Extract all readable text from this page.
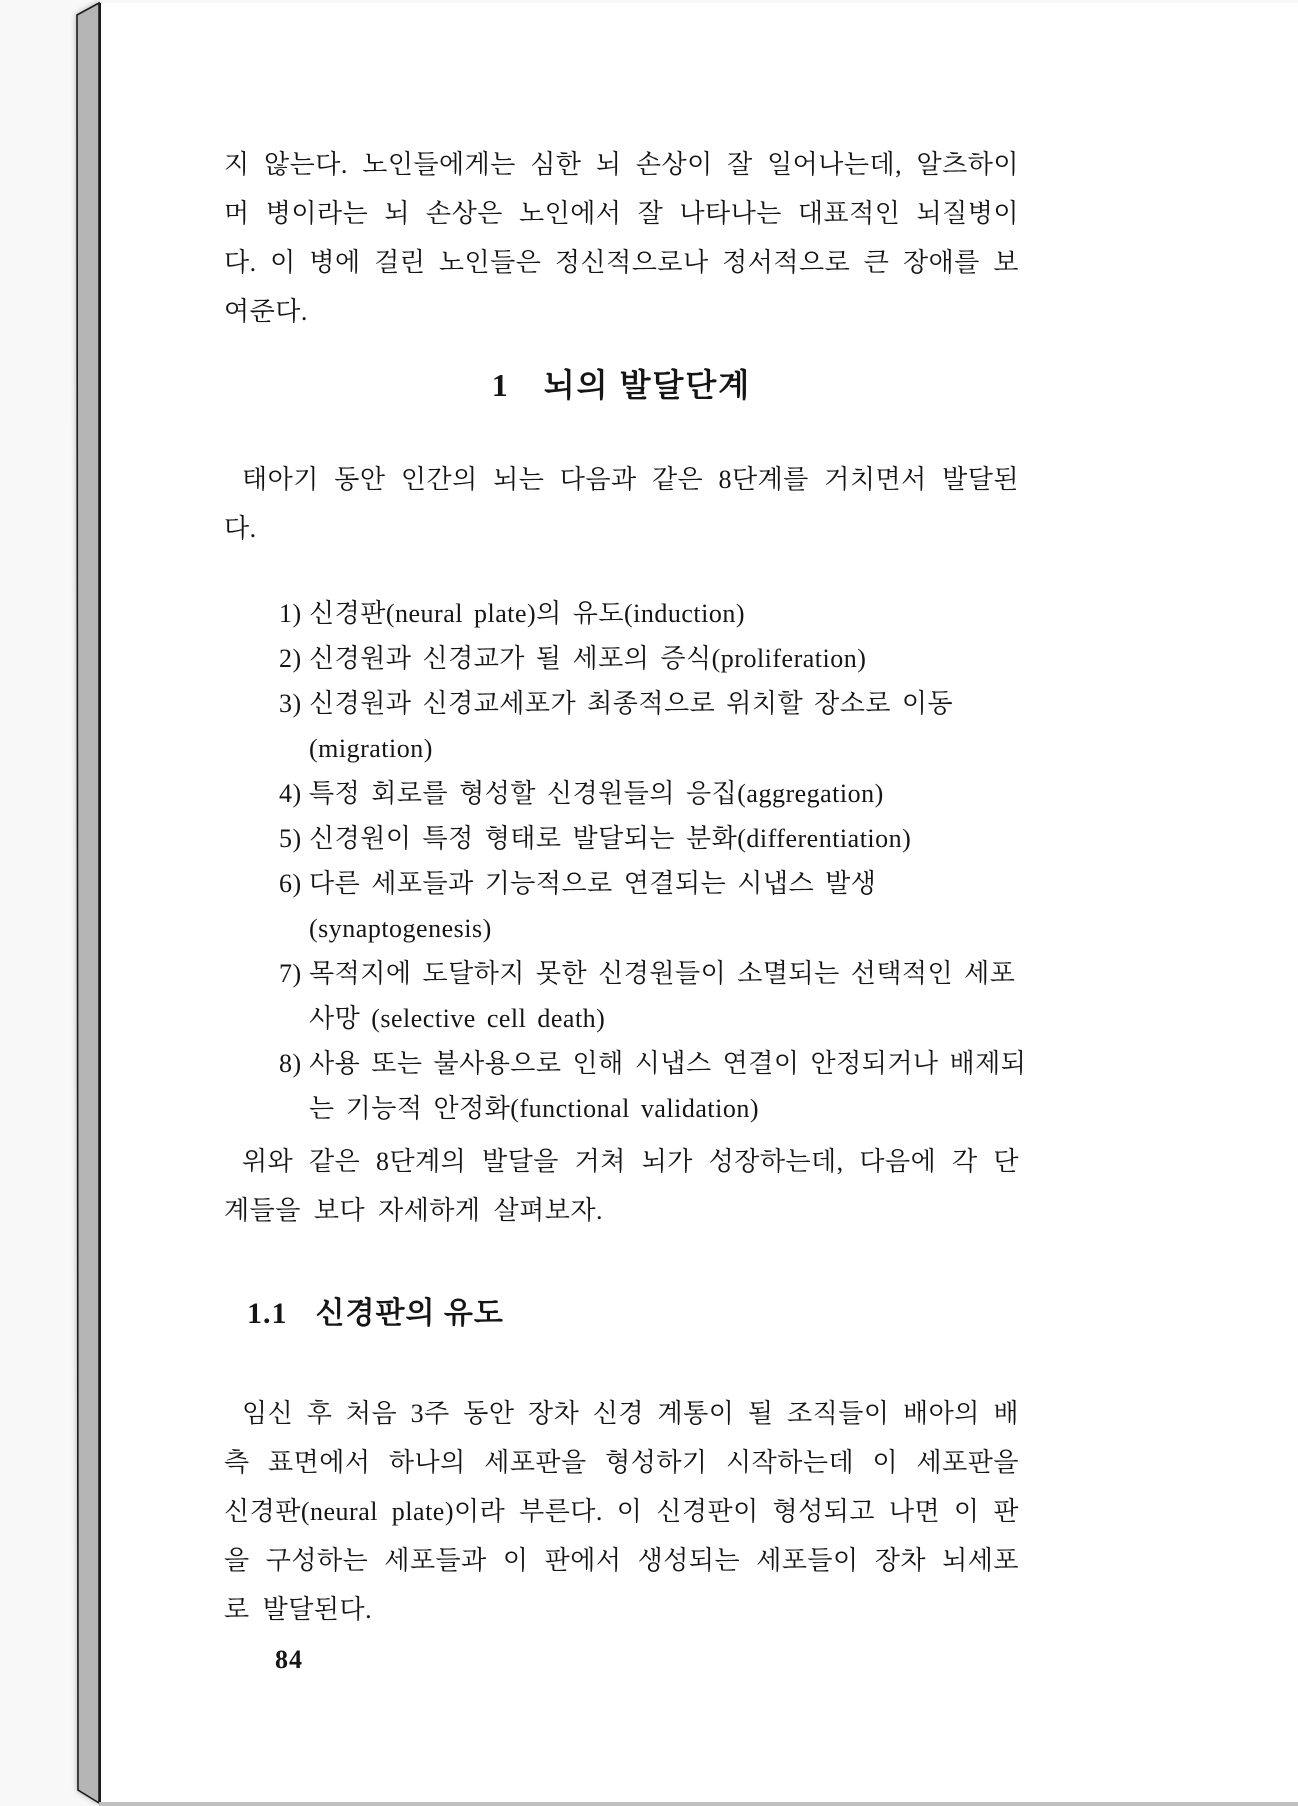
지 않는다. 노인들에게는 심한 뇌 손상이 잘 일어나는데, 알츠하이머 병이라는 뇌 손상은 노인에서 잘 나타나는 대표적인 뇌질병이다. 이 병에 걸린 노인들은 정신적으로나 정서적으로 큰 장애를 보여준다.

1 뇌의 발달단계

태아기 동안 인간의 뇌는 다음과 같은 8단계를 거치면서 발달된다.

1) 신경판(neural plate)의 유도(induction)
2) 신경원과 신경교가 될 세포의 증식(proliferation)
3) 신경원과 신경교세포가 최종적으로 위치할 장소로 이동(migration)
4) 특정 회로를 형성할 신경원들의 응집(aggregation)
5) 신경원이 특정 형태로 발달되는 분화(differentiation)
6) 다른 세포들과 기능적으로 연결되는 시냅스 발생(synaptogenesis)
7) 목적지에 도달하지 못한 신경원들이 소멸되는 선택적인 세포 사망 (selective cell death)
8) 사용 또는 불사용으로 인해 시냅스 연결이 안정되거나 배제되는 기능적 안정화(functional validation)

위와 같은 8단계의 발달을 거쳐 뇌가 성장하는데, 다음에 각 단계들을 보다 자세하게 살펴보자.

1.1 신경판의 유도

임신 후 처음 3주 동안 장차 신경 계통이 될 조직들이 배아의 배측 표면에서 하나의 세포판을 형성하기 시작하는데 이 세포판을 신경판(neural plate)이라 부른다. 이 신경판이 형성되고 나면 이 판을 구성하는 세포들과 이 판에서 생성되는 세포들이 장차 뇌세포로 발달된다.

84
